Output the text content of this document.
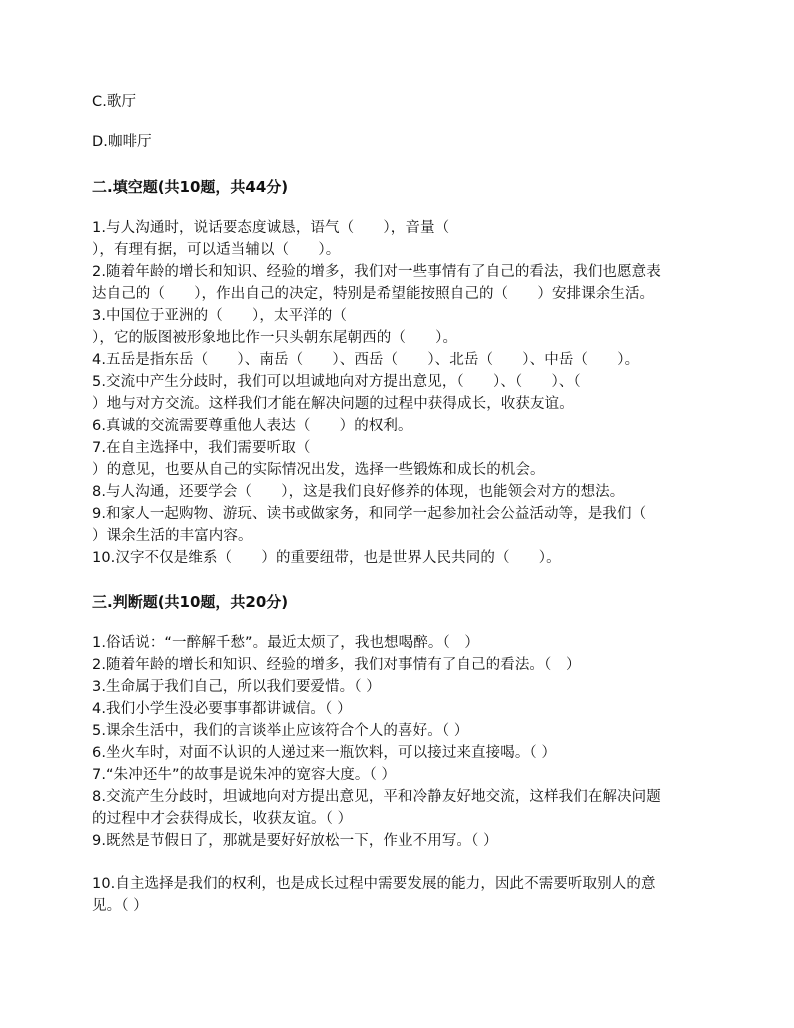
C.歌厅
D.咖啡厅
二.填空题(共10题，共44分)
1.与人沟通时，说话要态度诚恳，语气（　　），音量（
），有理有据，可以适当辅以（　　）。
2.随着年龄的增长和知识、经验的增多，我们对一些事情有了自己的看法，我们也愿意表
达自己的（　　），作出自己的决定，特别是希望能按照自己的（　　）安排课余生活。
3.中国位于亚洲的（　　），太平洋的（
），它的版图被形象地比作一只头朝东尾朝西的（　　）。
4.五岳是指东岳（　　）、南岳（　　）、西岳（　　）、北岳（　　）、中岳（　　）。
5.交流中产生分歧时，我们可以坦诚地向对方提出意见，（　　）、（　　）、（
）地与对方交流。这样我们才能在解决问题的过程中获得成长，收获友谊。
6.真诚的交流需要尊重他人表达（　　）的权利。
7.在自主选择中，我们需要听取（
）的意见，也要从自己的实际情况出发，选择一些锻炼和成长的机会。
8.与人沟通，还要学会（　　），这是我们良好修养的体现，也能领会对方的想法。
9.和家人一起购物、游玩、读书或做家务，和同学一起参加社会公益活动等，是我们（
）课余生活的丰富内容。
10.汉字不仅是维系（　　）的重要纽带，也是世界人民共同的（　　）。
三.判断题(共10题，共20分)
1.俗话说：“一醉解千愁”。最近太烦了，我也想喝醉。（　）
2.随着年龄的增长和知识、经验的增多，我们对事情有了自己的看法。（　）
3.生命属于我们自己，所以我们要爱惜。（ ）
4.我们小学生没必要事事都讲诚信。（ ）
5.课余生活中，我们的言谈举止应该符合个人的喜好。（ ）
6.坐火车时，对面不认识的人递过来一瓶饮料，可以接过来直接喝。（ ）
7.“朱冲还牛”的故事是说朱冲的宽容大度。（ ）
8.交流产生分歧时，坦诚地向对方提出意见，平和冷静友好地交流，这样我们在解决问题
的过程中才会获得成长，收获友谊。（ ）
9.既然是节假日了，那就是要好好放松一下，作业不用写。（ ）
10.自主选择是我们的权利，也是成长过程中需要发展的能力，因此不需要听取别人的意
见。（ ）
